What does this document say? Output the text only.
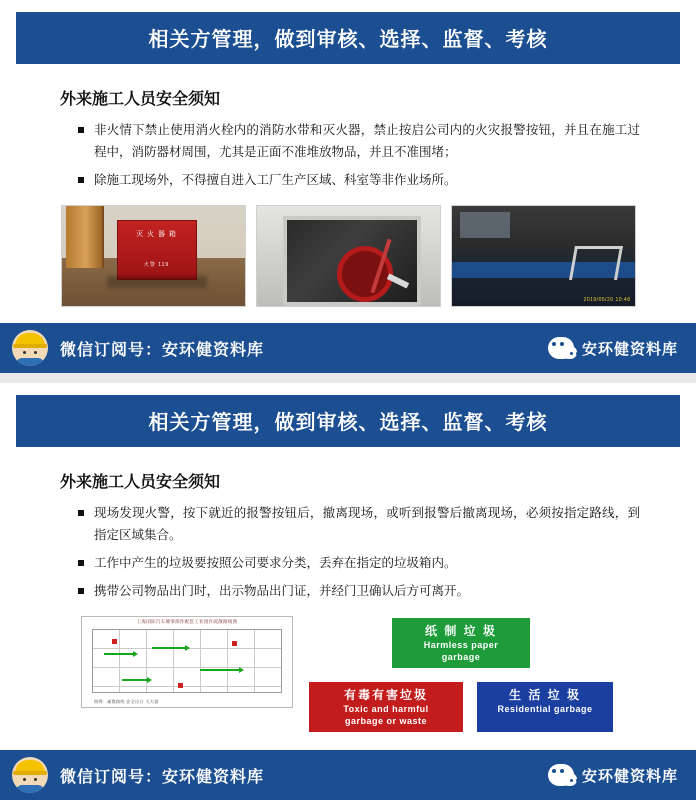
相关方管理，做到审核、选择、监督、考核
外来施工人员安全须知
非火情下禁止使用消火栓内的消防水带和灭火器，禁止按启公司内的火灾报警按钮，并且在施工过程中，消防器材周围，尤其是正面不准堆放物品，并且不准围堵；
除施工现场外，不得擅自进入工厂生产区域、科室等非作业场所。
灭 火 器 箱
火警 119
2019/05/20 10:48
微信订阅号：安环健资料库	安环健资料库
相关方管理，做到审核、选择、监督、考核
外来施工人员安全须知
现场发现火警，按下就近的报警按钮后，撤离现场，或听到报警后撤离现场，必须按指定路线，到指定区域集合。
工作中产生的垃圾要按照公司要求分类，丢弃在指定的垃圾箱内。
携带公司物品出门时，出示物品出门证，并经门卫确认后方可离开。
上海国际汽车城零部件配套工业园区疏散路线图
图例：疏散路线 安全出口 灭火器
纸 制 垃 圾
Harmless paper
garbage
有毒有害垃圾
Toxic and harmful
garbage or waste
生 活 垃 圾
Residential garbage
微信订阅号：安环健资料库	安环健资料库
